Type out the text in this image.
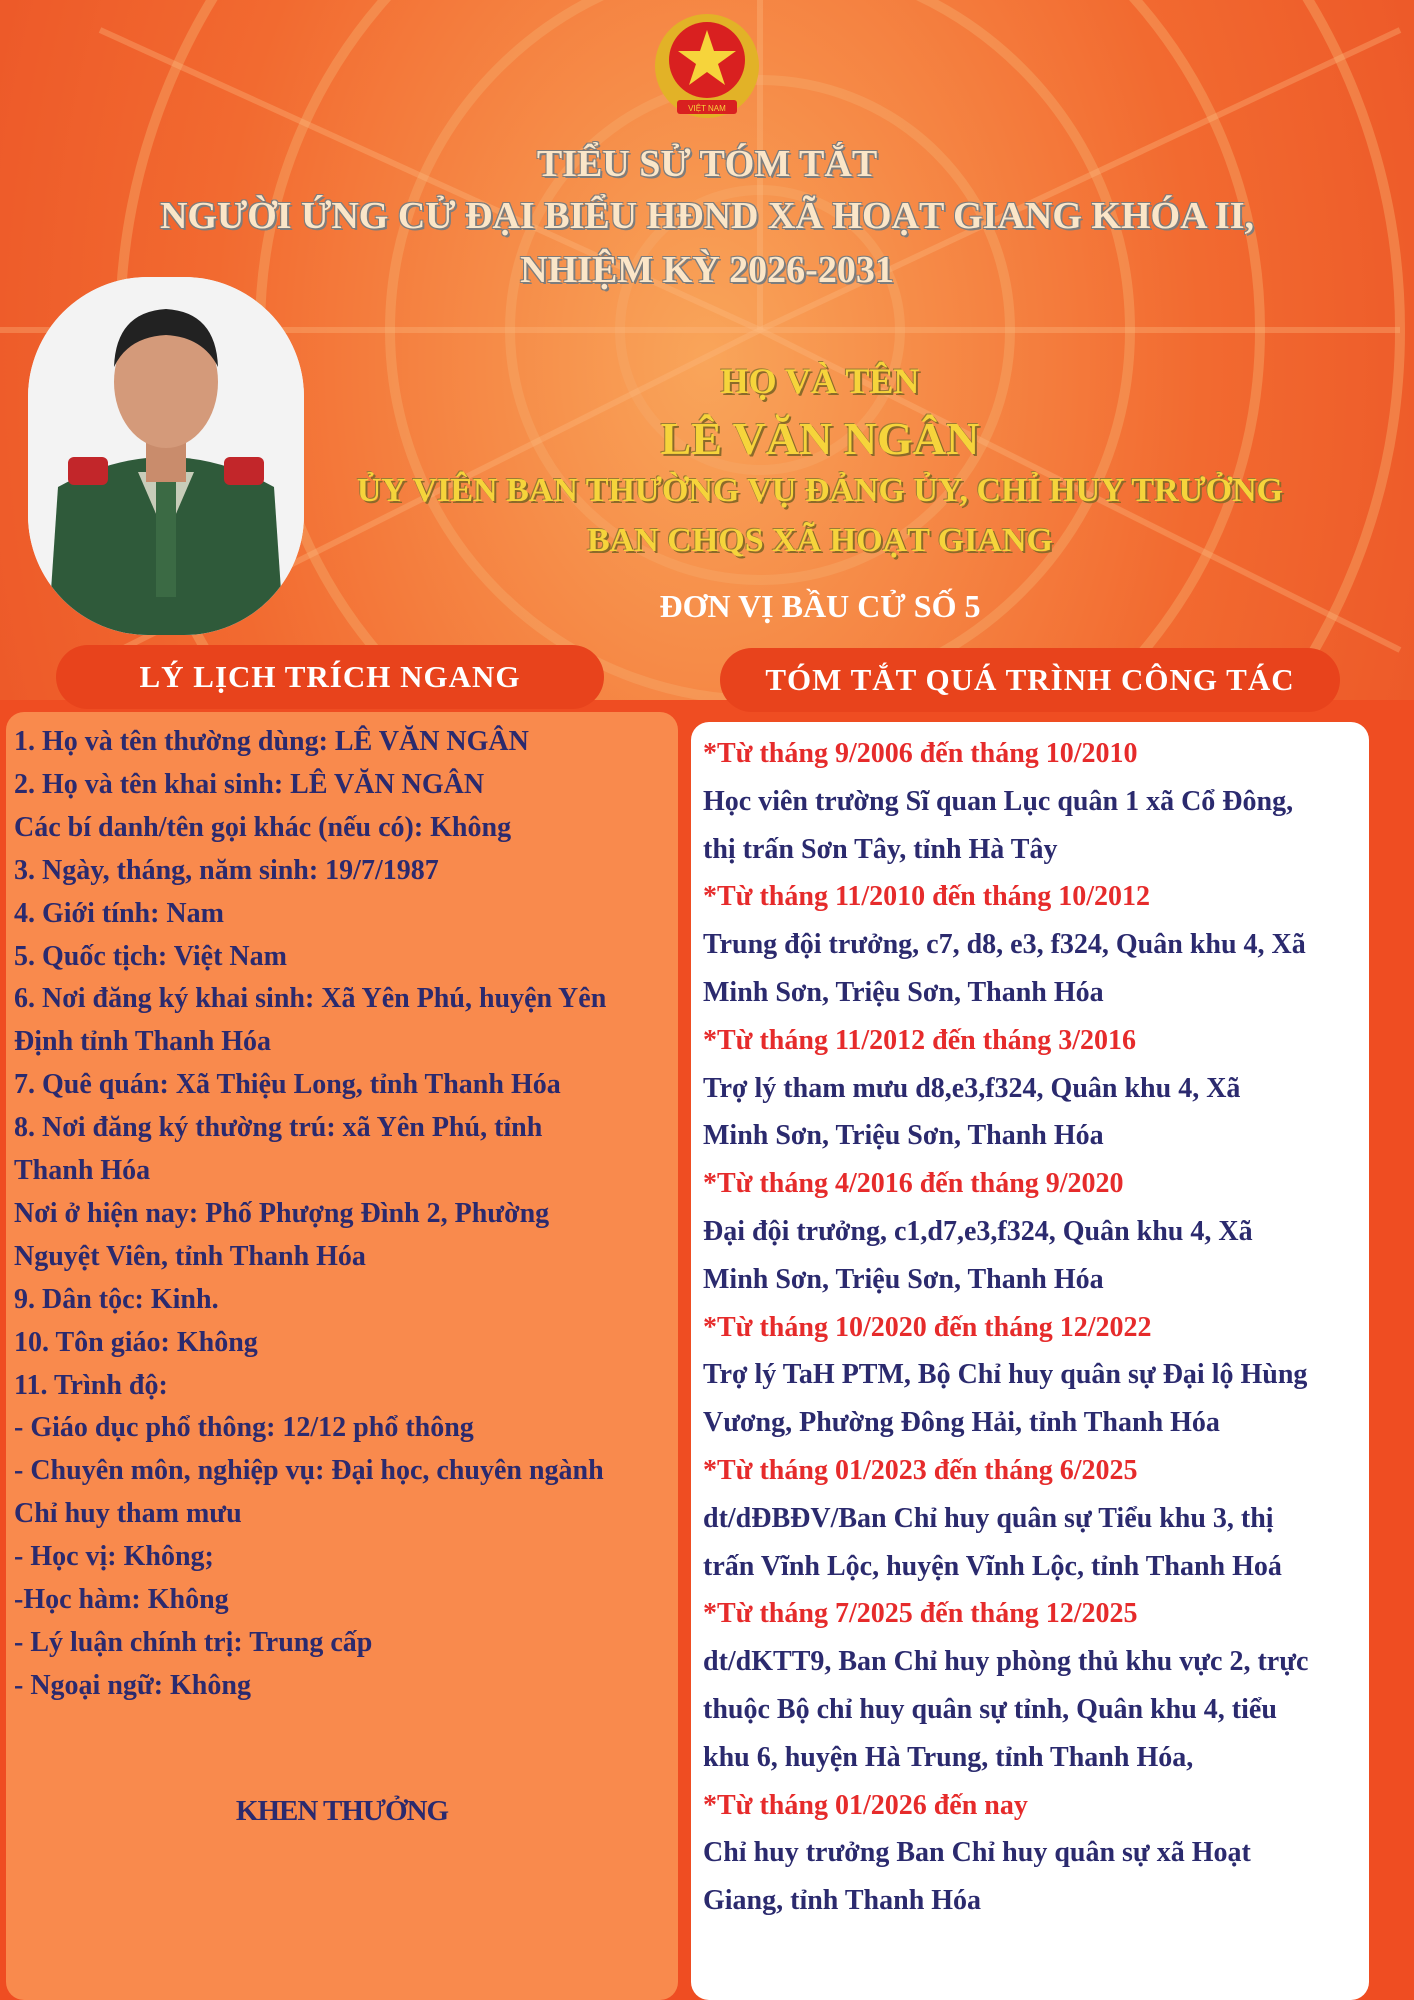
VIỆT NAM
TIỂU SỬ TÓM TẮT
NGƯỜI ỨNG CỬ ĐẠI BIỂU HĐND XÃ HOẠT GIANG KHÓA II,
NHIỆM KỲ 2026-2031
HỌ VÀ TÊN
LÊ VĂN NGÂN
ỦY VIÊN BAN THƯỜNG VỤ ĐẢNG ỦY, CHỈ HUY TRƯỞNG
BAN CHQS XÃ HOẠT GIANG
ĐƠN VỊ BẦU CỬ SỐ 5
LÝ LỊCH TRÍCH NGANG	TÓM TẮT QUÁ TRÌNH CÔNG TÁC
1. Họ và tên thường dùng: LÊ VĂN NGÂN
2. Họ và tên khai sinh: LÊ VĂN NGÂN
Các bí danh/tên gọi khác (nếu có): Không
3. Ngày, tháng, năm sinh: 19/7/1987
4. Giới tính: Nam
5. Quốc tịch: Việt Nam
6. Nơi đăng ký khai sinh: Xã Yên Phú, huyện Yên
Định tỉnh Thanh Hóa
7. Quê quán: Xã Thiệu Long, tỉnh Thanh Hóa
8. Nơi đăng ký thường trú: xã Yên Phú, tỉnh
Thanh Hóa
Nơi ở hiện nay: Phố Phượng Đình 2, Phường
Nguyệt Viên, tỉnh Thanh Hóa
9. Dân tộc: Kinh.
10. Tôn giáo: Không
11. Trình độ:
- Giáo dục phổ thông: 12/12 phổ thông
- Chuyên môn, nghiệp vụ: Đại học, chuyên ngành
Chỉ huy tham mưu
- Học vị: Không;
-Học hàm: Không
- Lý luận chính trị: Trung cấp
- Ngoại ngữ: Không
KHEN THƯỞNG
*Từ tháng 9/2006 đến tháng 10/2010
Học viên trường Sĩ quan Lục quân 1 xã Cổ Đông,
thị trấn Sơn Tây, tỉnh Hà Tây
*Từ tháng 11/2010 đến tháng 10/2012
Trung đội trưởng, c7, d8, e3, f324, Quân khu 4, Xã
Minh Sơn, Triệu Sơn, Thanh Hóa
*Từ tháng 11/2012 đến tháng 3/2016
Trợ lý tham mưu d8,e3,f324, Quân khu 4, Xã
Minh Sơn, Triệu Sơn, Thanh Hóa
*Từ tháng 4/2016 đến tháng 9/2020
Đại đội trưởng, c1,d7,e3,f324, Quân khu 4, Xã
Minh Sơn, Triệu Sơn, Thanh Hóa
*Từ tháng 10/2020 đến tháng 12/2022
Trợ lý TaH PTM, Bộ Chỉ huy quân sự Đại lộ Hùng
Vương, Phường Đông Hải, tỉnh Thanh Hóa
*Từ tháng 01/2023 đến tháng 6/2025
dt/dĐBĐV/Ban Chỉ huy quân sự Tiểu khu 3, thị
trấn Vĩnh Lộc, huyện Vĩnh Lộc, tỉnh Thanh Hoá
*Từ tháng 7/2025 đến tháng 12/2025
dt/dKTT9, Ban Chỉ huy phòng thủ khu vực 2, trực
thuộc Bộ chỉ huy quân sự tỉnh, Quân khu 4, tiểu
khu 6, huyện Hà Trung, tỉnh Thanh Hóa,
*Từ tháng 01/2026 đến nay
Chỉ huy trưởng Ban Chỉ huy quân sự xã Hoạt
Giang, tỉnh Thanh Hóa
